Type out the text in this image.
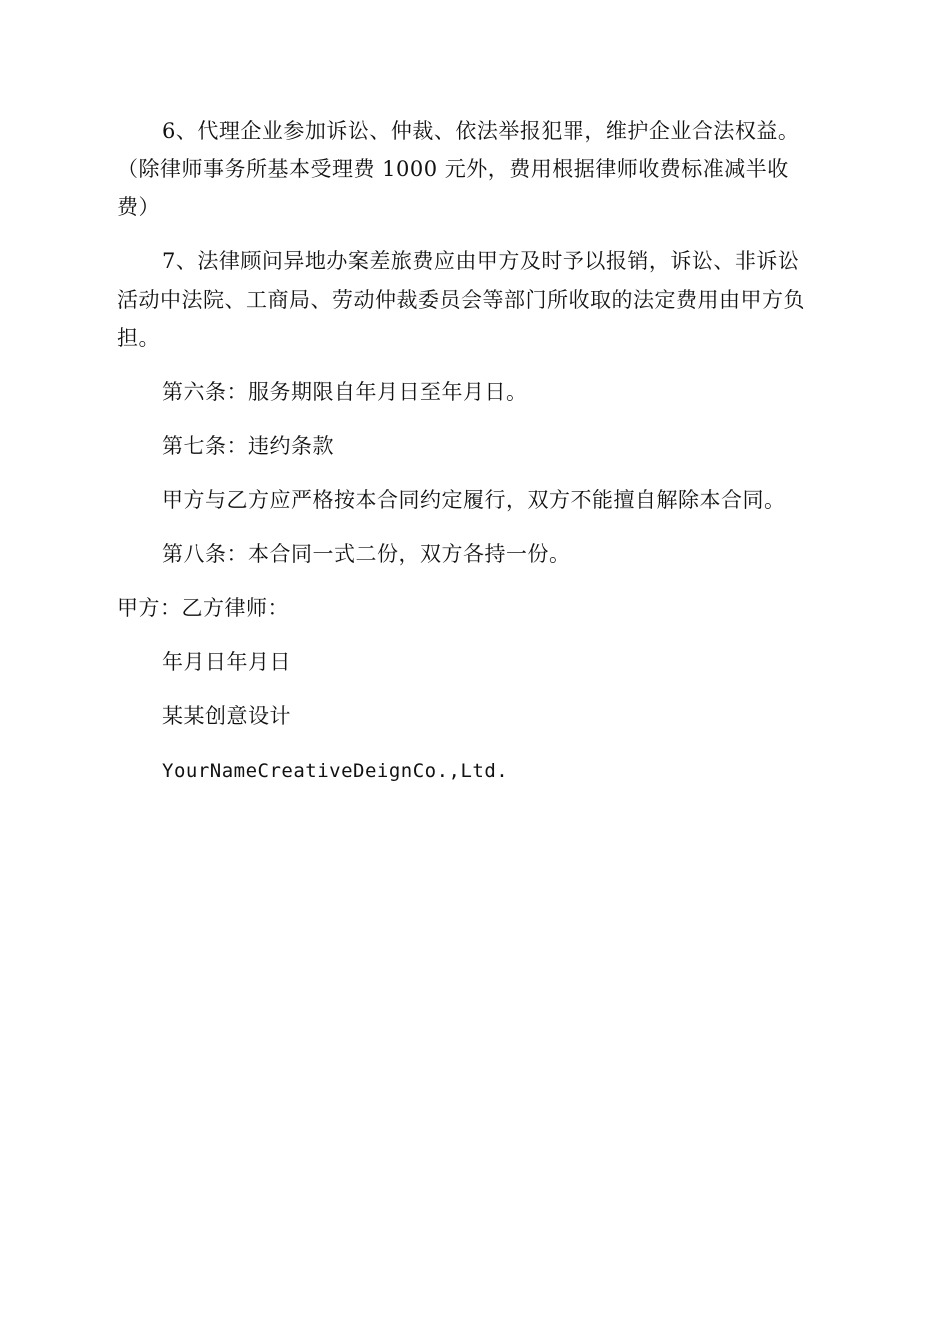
6、代理企业参加诉讼、仲裁、依法举报犯罪，维护企业合法权益。
（除律师事务所基本受理费 1000 元外，费用根据律师收费标准减半收
费）
7、法律顾问异地办案差旅费应由甲方及时予以报销，诉讼、非诉讼
活动中法院、工商局、劳动仲裁委员会等部门所收取的法定费用由甲方负
担。
第六条：服务期限自年月日至年月日。
第七条：违约条款
甲方与乙方应严格按本合同约定履行，双方不能擅自解除本合同。
第八条：本合同一式二份，双方各持一份。
甲方：乙方律师：
年月日年月日
某某创意设计
YourNameCreativeDeignCo.,Ltd.
